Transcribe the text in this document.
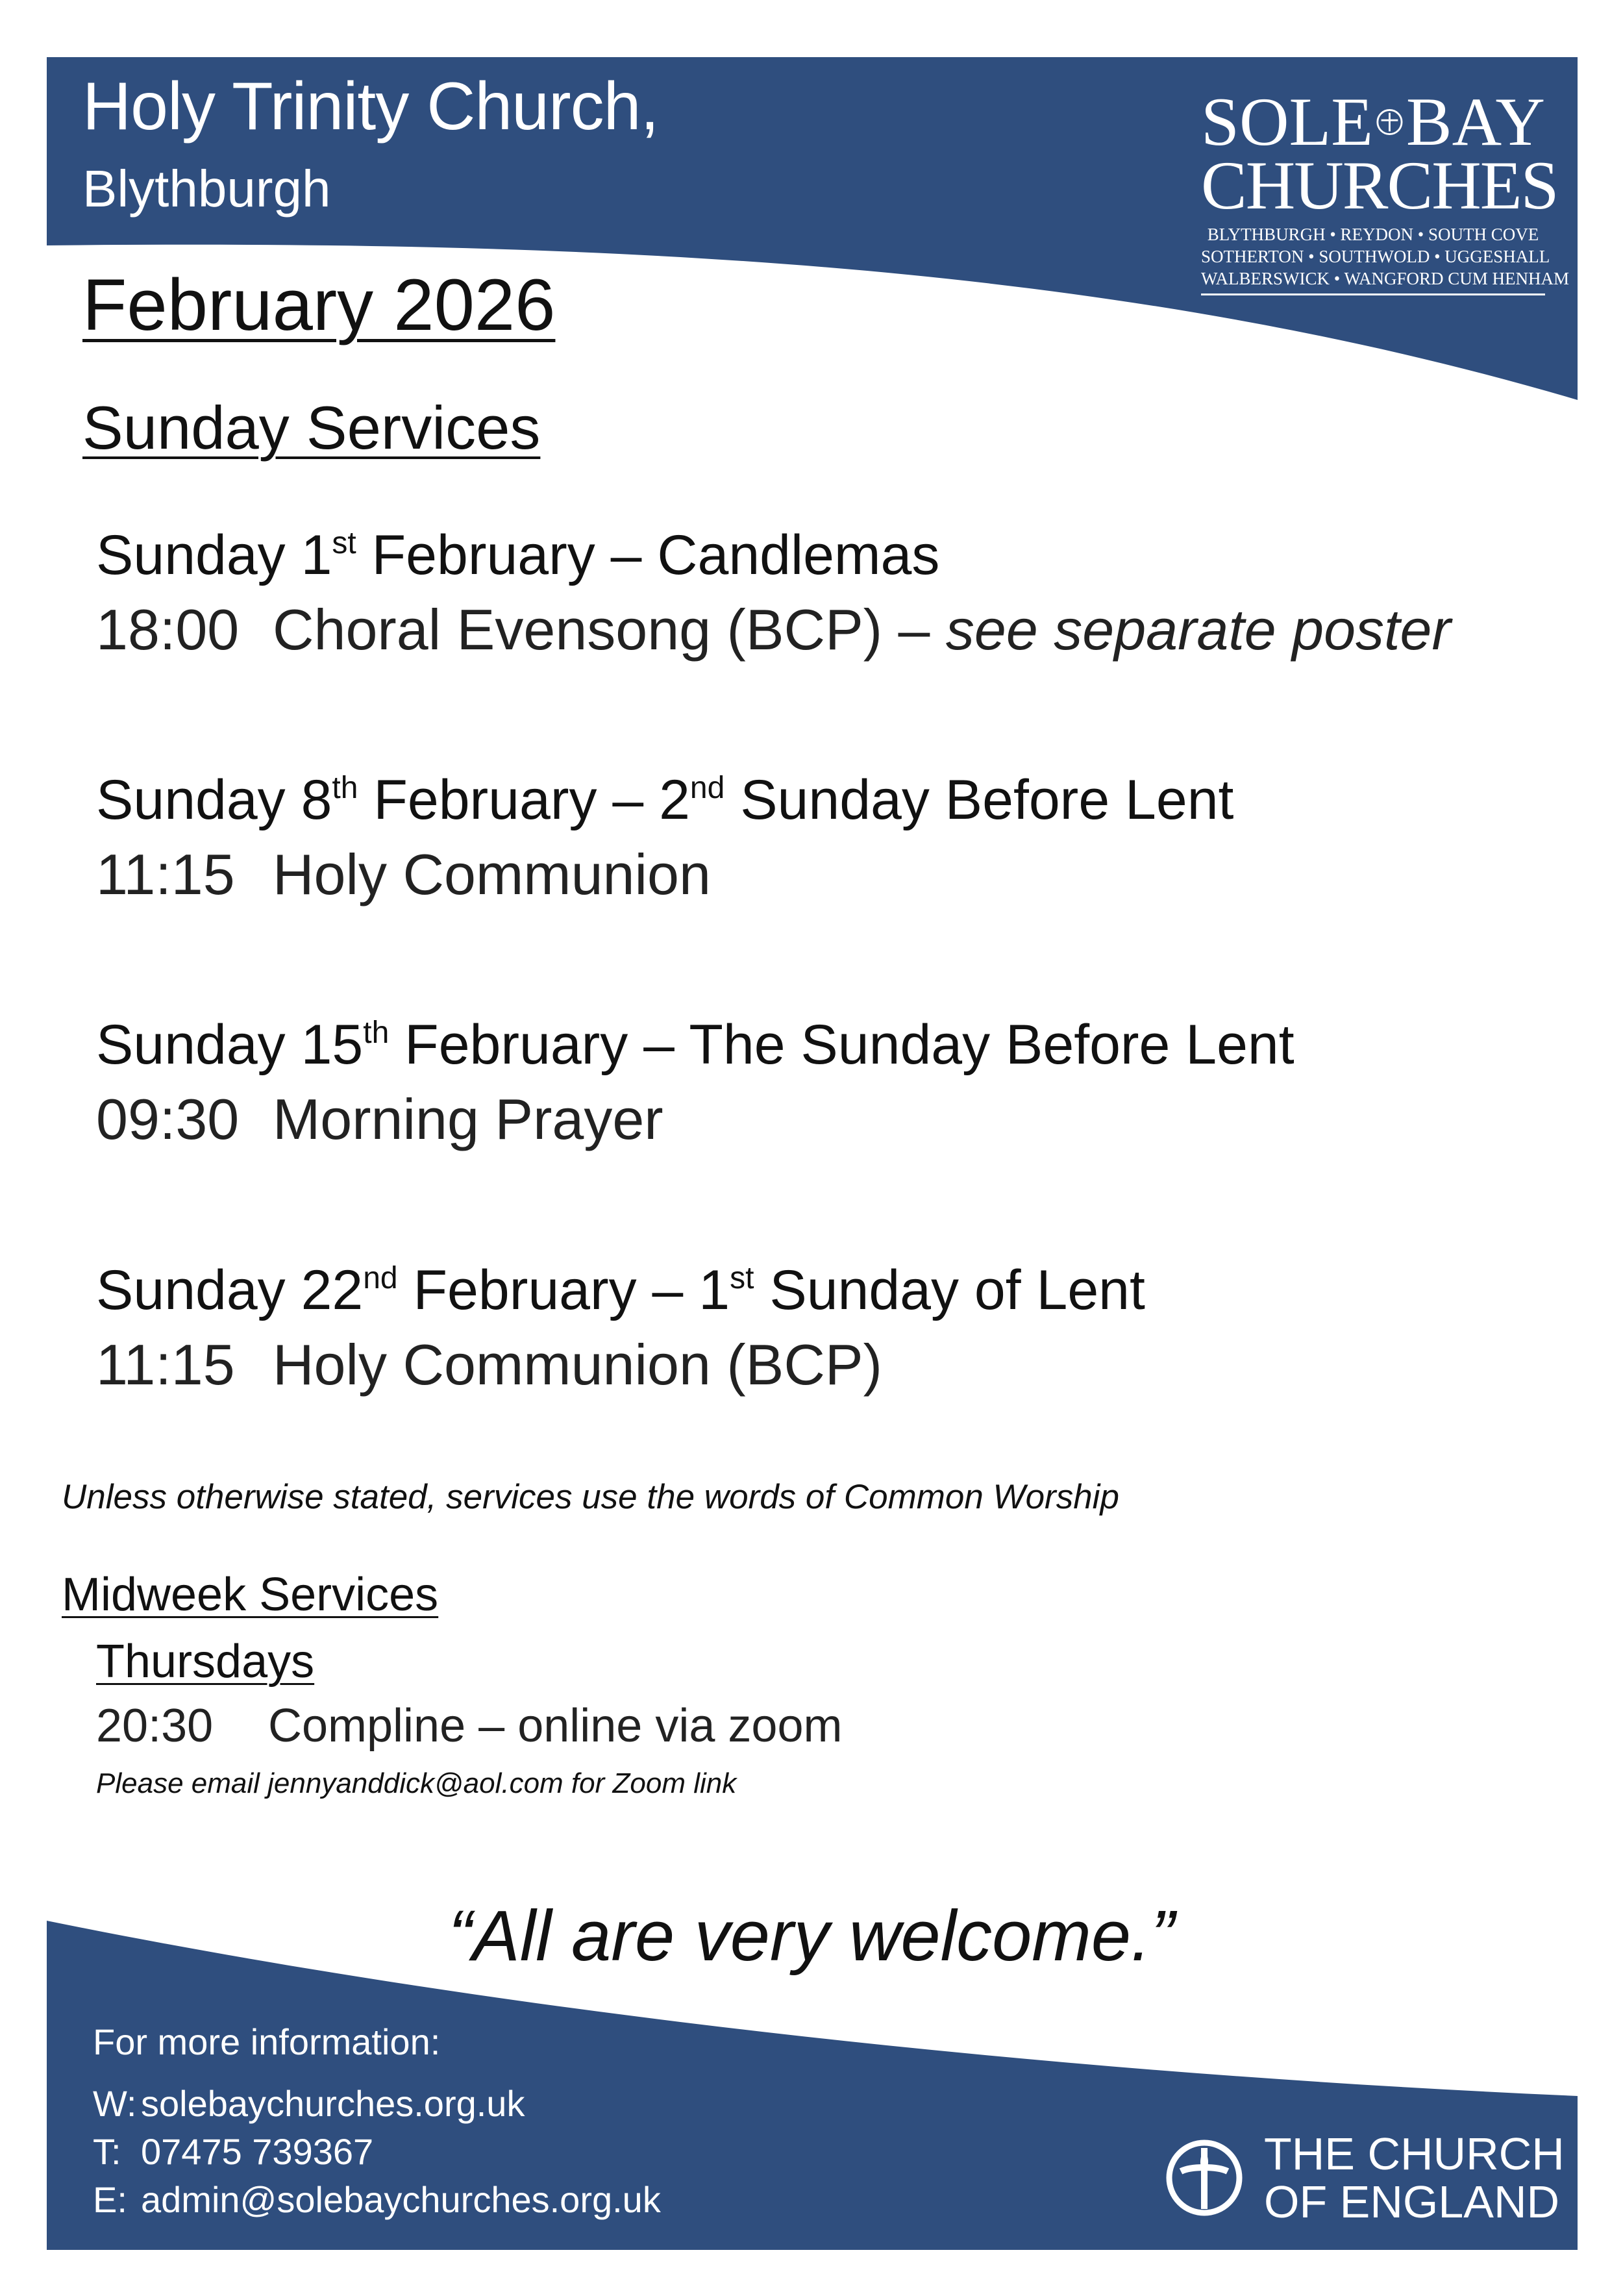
Holy Trinity Church,
Blythburgh
SOLE BAY
CHURCHES
BLYTHBURGH • REYDON • SOUTH COVE
SOTHERTON • SOUTHWOLD • UGGESHALL
WALBERSWICK • WANGFORD CUM HENHAM
February 2026
Sunday Services
Sunday 1st February – Candlemas
18:00 Choral Evensong (BCP) – see separate poster
Sunday 8th February – 2nd Sunday Before Lent
11:15 Holy Communion
Sunday 15th February – The Sunday Before Lent
09:30 Morning Prayer
Sunday 22nd February – 1st Sunday of Lent
11:15 Holy Communion (BCP)
Unless otherwise stated, services use the words of Common Worship
Midweek Services
Thursdays
20:30 Compline – online via zoom
Please email jennyanddick@aol.com for Zoom link
“All are very welcome.”
For more information:
W: solebaychurches.org.uk
T: 07475 739367
E: admin@solebaychurches.org.uk
THE CHURCH
OF ENGLAND
